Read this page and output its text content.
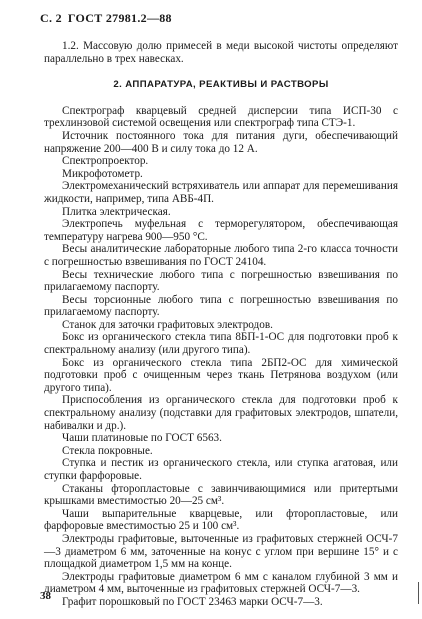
С. 2 ГОСТ 27981.2—88

1.2. Массовую долю примесей в меди высокой чистоты определяют параллельно в трех навесках.

2. АППАРАТУРА, РЕАКТИВЫ И РАСТВОРЫ

Спектрограф кварцевый средней дисперсии типа ИСП-30 с трехлинзовой системой освещения или спектрограф типа СТЭ-1.

Источник постоянного тока для питания дуги, обеспечивающий напряжение 200—400 В и силу тока до 12 А.

Спектропроектор.

Микрофотометр.

Электромеханический встряхиватель или аппарат для перемешивания жидкости, например, типа АВБ-4П.

Плитка электрическая.

Электропечь муфельная с терморегулятором, обеспечивающая температуру нагрева 900—950 °С.

Весы аналитические лабораторные любого типа 2-го класса точности с погрешностью взвешивания по ГОСТ 24104.

Весы технические любого типа с погрешностью взвешивания по прилагаемому паспорту.

Весы торсионные любого типа с погрешностью взвешивания по прилагаемому паспорту.

Станок для заточки графитовых электродов.

Бокс из органического стекла типа 8БП-1-ОС для подготовки проб к спектральному анализу (или другого типа).

Бокс из органического стекла типа 2БП2-ОС для химической подготовки проб с очищенным через ткань Петрянова воздухом (или другого типа).

Приспособления из органического стекла для подготовки проб к спектральному анализу (подставки для графитовых электродов, шпатели, набивалки и др.).

Чаши платиновые по ГОСТ 6563.

Стекла покровные.

Ступка и пестик из органического стекла, или ступка агатовая, или ступки фарфоровые.

Стаканы фторопластовые с завинчивающимися или притертыми крышками вместимостью 20—25 см³.

Чаши выпарительные кварцевые, или фторопластовые, или фарфоровые вместимостью 25 и 100 см³.

Электроды графитовые, выточенные из графитовых стержней ОСЧ-7—3 диаметром 6 мм, заточенные на конус с углом при вершине 15° и с площадкой диаметром 1,5 мм на конце.

Электроды графитовые диаметром 6 мм с каналом глубиной 3 мм и диаметром 4 мм, выточенные из графитовых стержней ОСЧ-7—3.

Графит порошковый по ГОСТ 23463 марки ОСЧ-7—3.

38
